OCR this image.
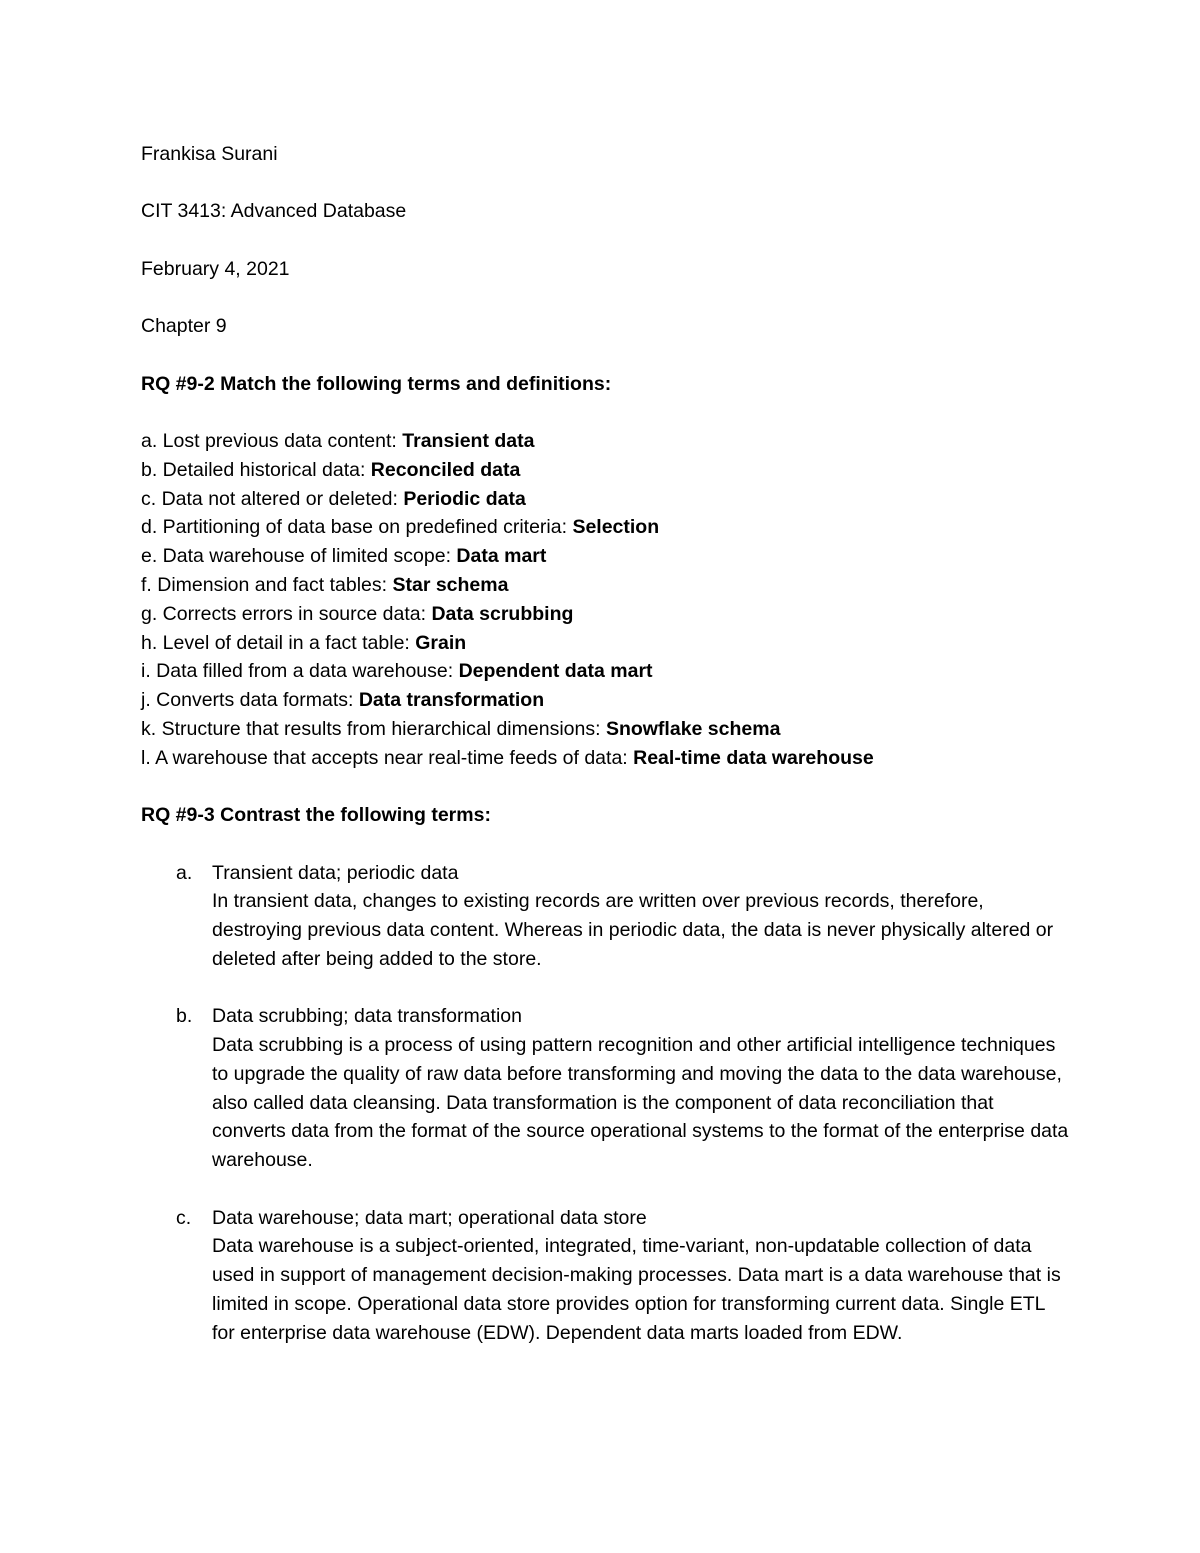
Frankisa Surani

CIT 3413: Advanced Database

February 4, 2021

Chapter 9

RQ #9-2 Match the following terms and definitions:

a. Lost previous data content: Transient data
b. Detailed historical data: Reconciled data
c. Data not altered or deleted: Periodic data
d. Partitioning of data base on predefined criteria: Selection
e. Data warehouse of limited scope: Data mart
f. Dimension and fact tables: Star schema
g. Corrects errors in source data: Data scrubbing
h. Level of detail in a fact table: Grain
i. Data filled from a data warehouse: Dependent data mart
j. Converts data formats: Data transformation
k. Structure that results from hierarchical dimensions: Snowflake schema
l. A warehouse that accepts near real-time feeds of data: Real-time data warehouse

RQ #9-3 Contrast the following terms:

a. Transient data; periodic data
In transient data, changes to existing records are written over previous records, therefore, destroying previous data content. Whereas in periodic data, the data is never physically altered or deleted after being added to the store.
b. Data scrubbing; data transformation
Data scrubbing is a process of using pattern recognition and other artificial intelligence techniques to upgrade the quality of raw data before transforming and moving the data to the data warehouse, also called data cleansing. Data transformation is the component of data reconciliation that converts data from the format of the source operational systems to the format of the enterprise data warehouse.
c. Data warehouse; data mart; operational data store
Data warehouse is a subject-oriented, integrated, time-variant, non-updatable collection of data used in support of management decision-making processes. Data mart is a data warehouse that is limited in scope. Operational data store provides option for transforming current data. Single ETL for enterprise data warehouse (EDW). Dependent data marts loaded from EDW.
